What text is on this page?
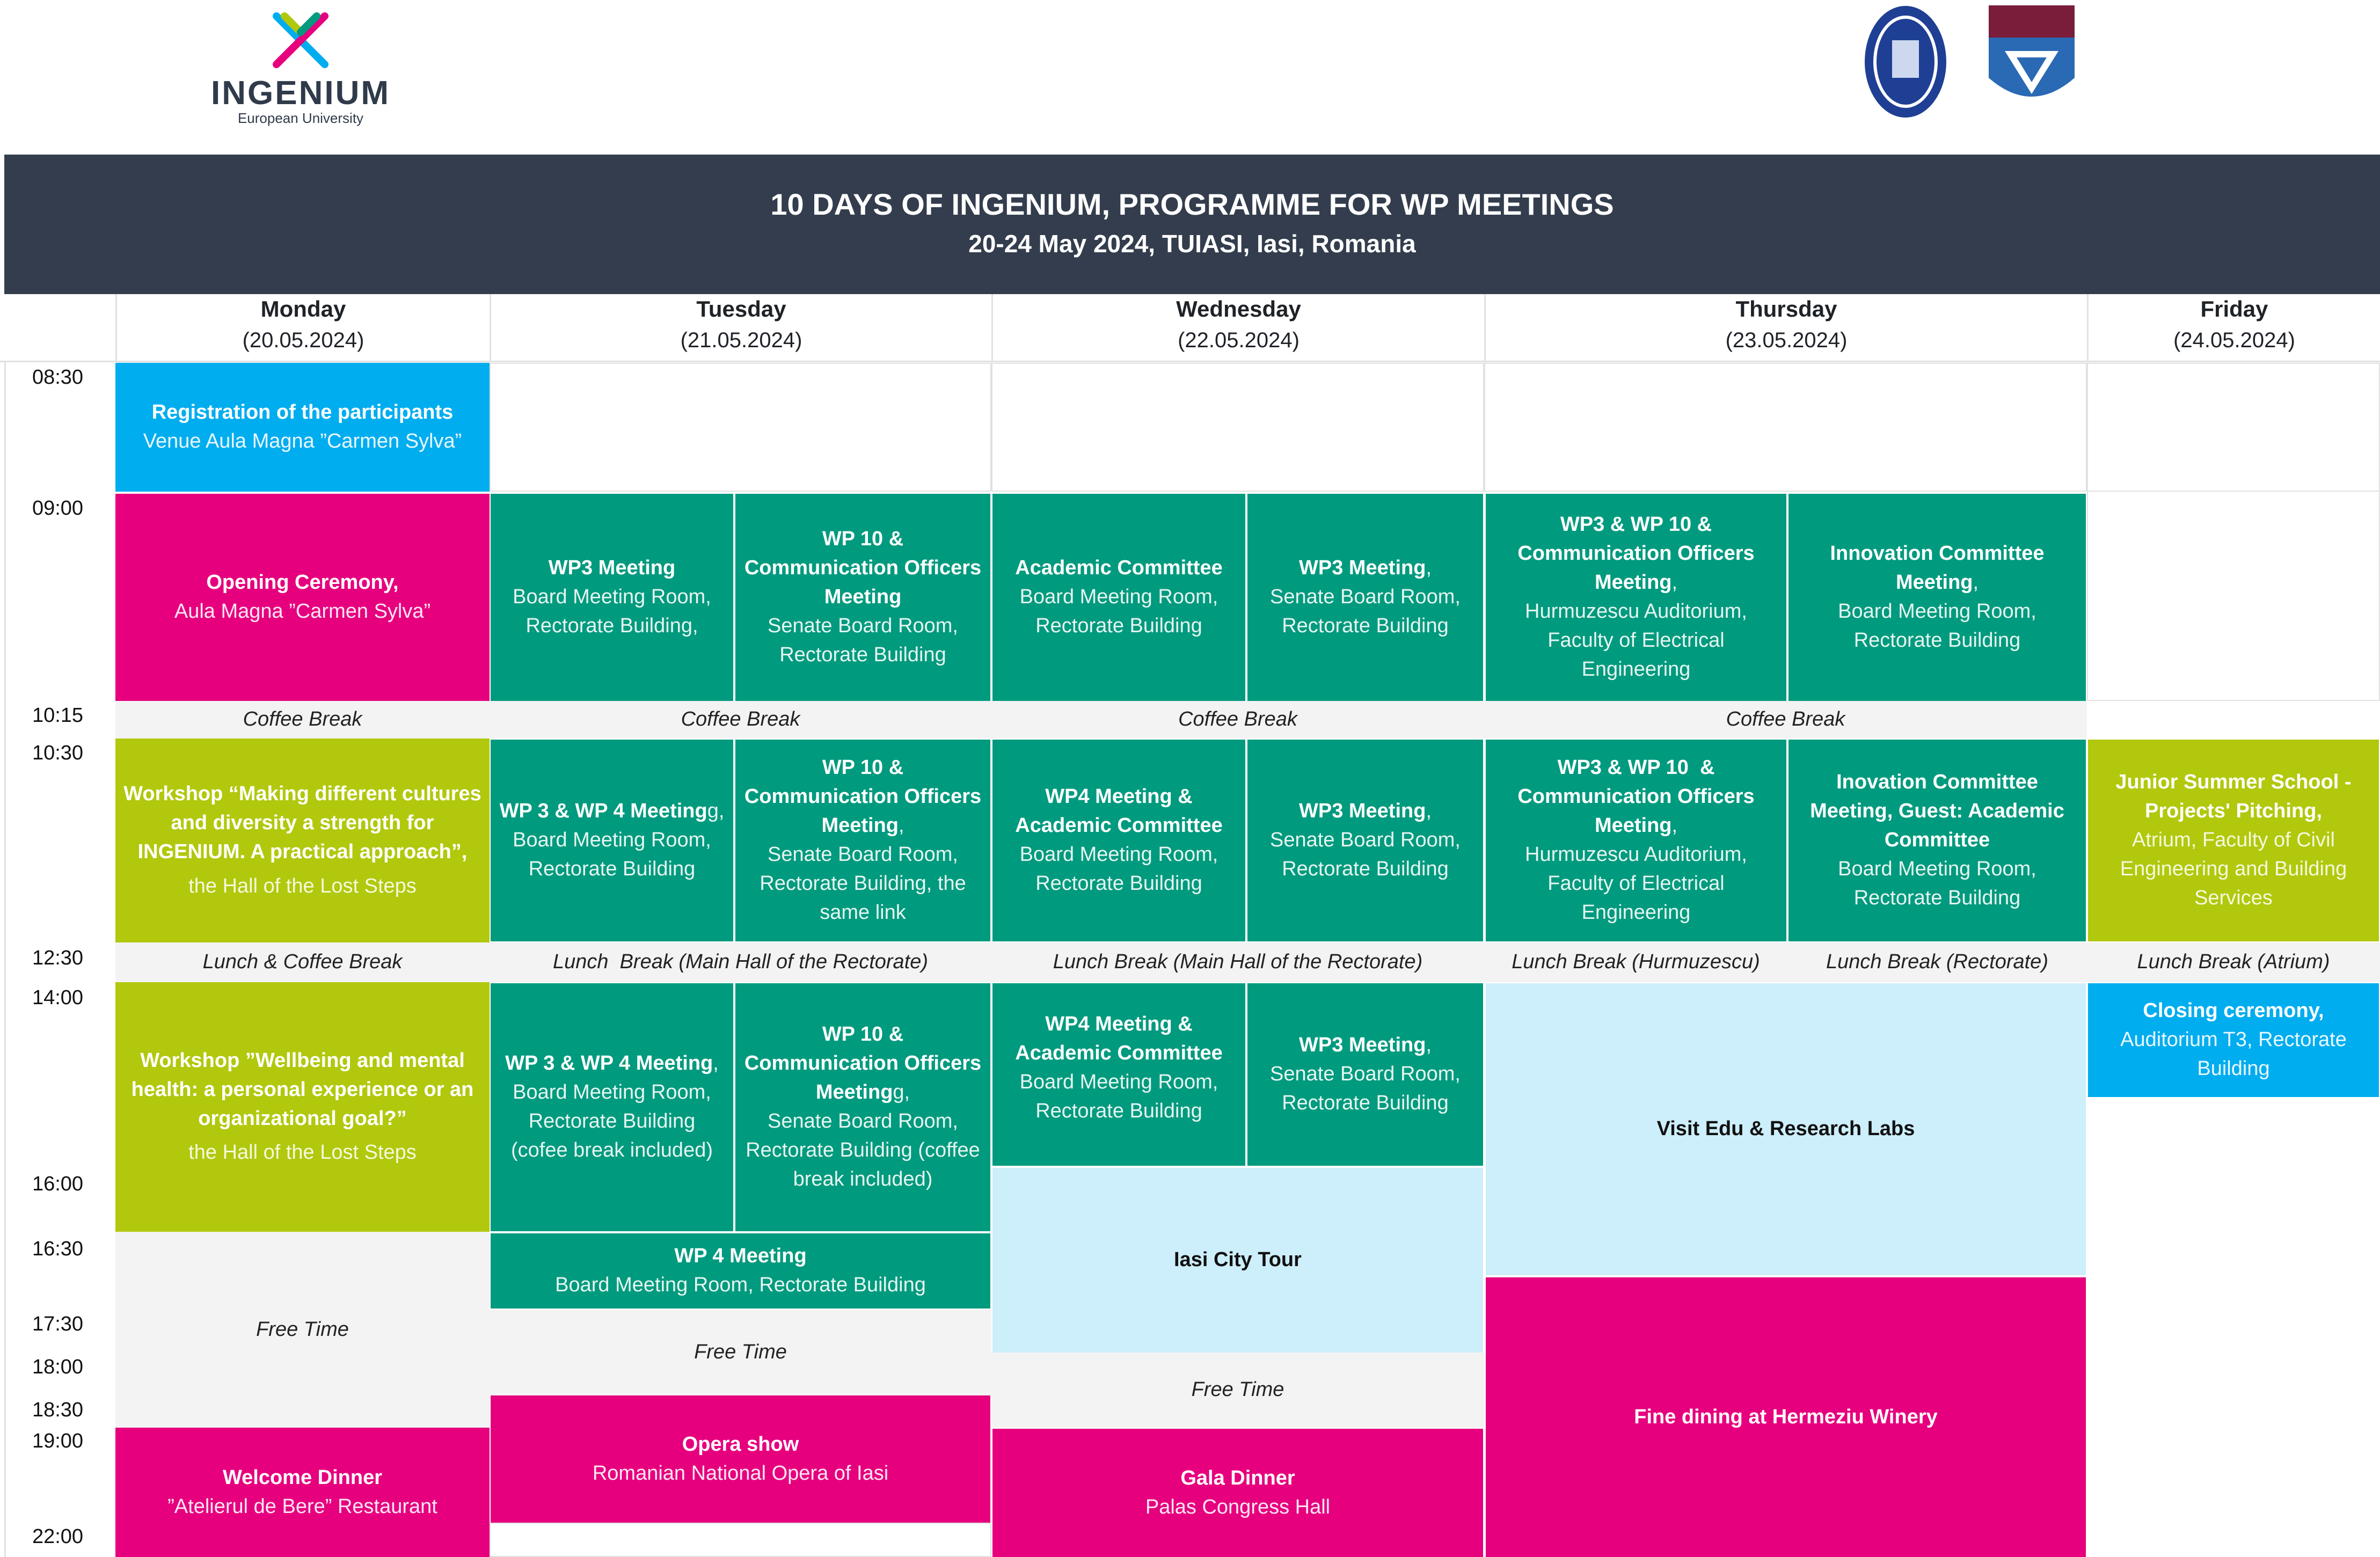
INGENIUM
European University
10 DAYS OF INGENIUM, PROGRAMME FOR WP MEETINGS
20-24 May 2024, TUIASI, Iasi, Romania
Monday
(20.05.2024)
Tuesday
(21.05.2024)
Wednesday
(22.05.2024)
Thursday
(23.05.2024)
Friday
(24.05.2024)
08:30
09:00
10:15
10:30
12:30
14:00
16:00
16:30
17:30
18:00
18:30
19:00
22:00
Registration of the participants
Venue Aula Magna ”Carmen Sylva”
Opening Ceremony,
Aula Magna ”Carmen Sylva”
Coffee Break
Workshop “Making different cultures and diversity a strength for INGENIUM. A practical approach”,
the Hall of the Lost Steps
Lunch & Coffee Break
Workshop ”Wellbeing and mental health: a personal experience or an organizational goal?”
the Hall of the Lost Steps
Free Time
Welcome Dinner
”Atelierul de Bere” Restaurant
WP3 Meeting
Board Meeting Room, Rectorate Building,
WP 10 & Communication Officers Meeting
Senate Board Room, Rectorate Building
Coffee Break
WP 3 & WP 4 Meetingg,
Board Meeting Room, Rectorate Building
WP 10 & Communication Officers Meeting,
Senate Board Room, Rectorate Building, the same link
Lunch  Break (Main Hall of the Rectorate)
WP 3 & WP 4 Meeting,
Board Meeting Room, Rectorate Building (cofee break included)
WP 10 & Communication Officers Meetingg,
Senate Board Room, Rectorate Building (coffee break included)
WP 4 Meeting
Board Meeting Room, Rectorate Building
Free Time
Opera show
Romanian National Opera of Iasi
Academic Committee
Board Meeting Room, Rectorate Building
WP3 Meeting,
Senate Board Room, Rectorate Building
Coffee Break
WP4 Meeting & Academic Committee
Board Meeting Room, Rectorate Building
WP3 Meeting,
Senate Board Room, Rectorate Building
Lunch Break (Main Hall of the Rectorate)
WP4 Meeting & Academic Committee
Board Meeting Room, Rectorate Building
WP3 Meeting,
Senate Board Room, Rectorate Building
Iasi City Tour
Free Time
Gala Dinner
Palas Congress Hall
WP3 & WP 10 & Communication Officers Meeting,
Hurmuzescu Auditorium, Faculty of Electrical Engineering
Innovation Committee Meeting,
Board Meeting Room, Rectorate Building
Coffee Break
WP3 & WP 10  & Communication Officers Meeting,
Hurmuzescu Auditorium, Faculty of Electrical Engineering
Inovation Committee Meeting, Guest: Academic Committee
Board Meeting Room, Rectorate Building
Lunch Break (Hurmuzescu)	Lunch Break (Rectorate)
Visit Edu & Research Labs
Fine dining at Hermeziu Winery
Junior Summer School - Projects' Pitching,
Atrium, Faculty of Civil Engineering and Building Services
Lunch Break (Atrium)
Closing ceremony,
Auditorium T3, Rectorate Building
